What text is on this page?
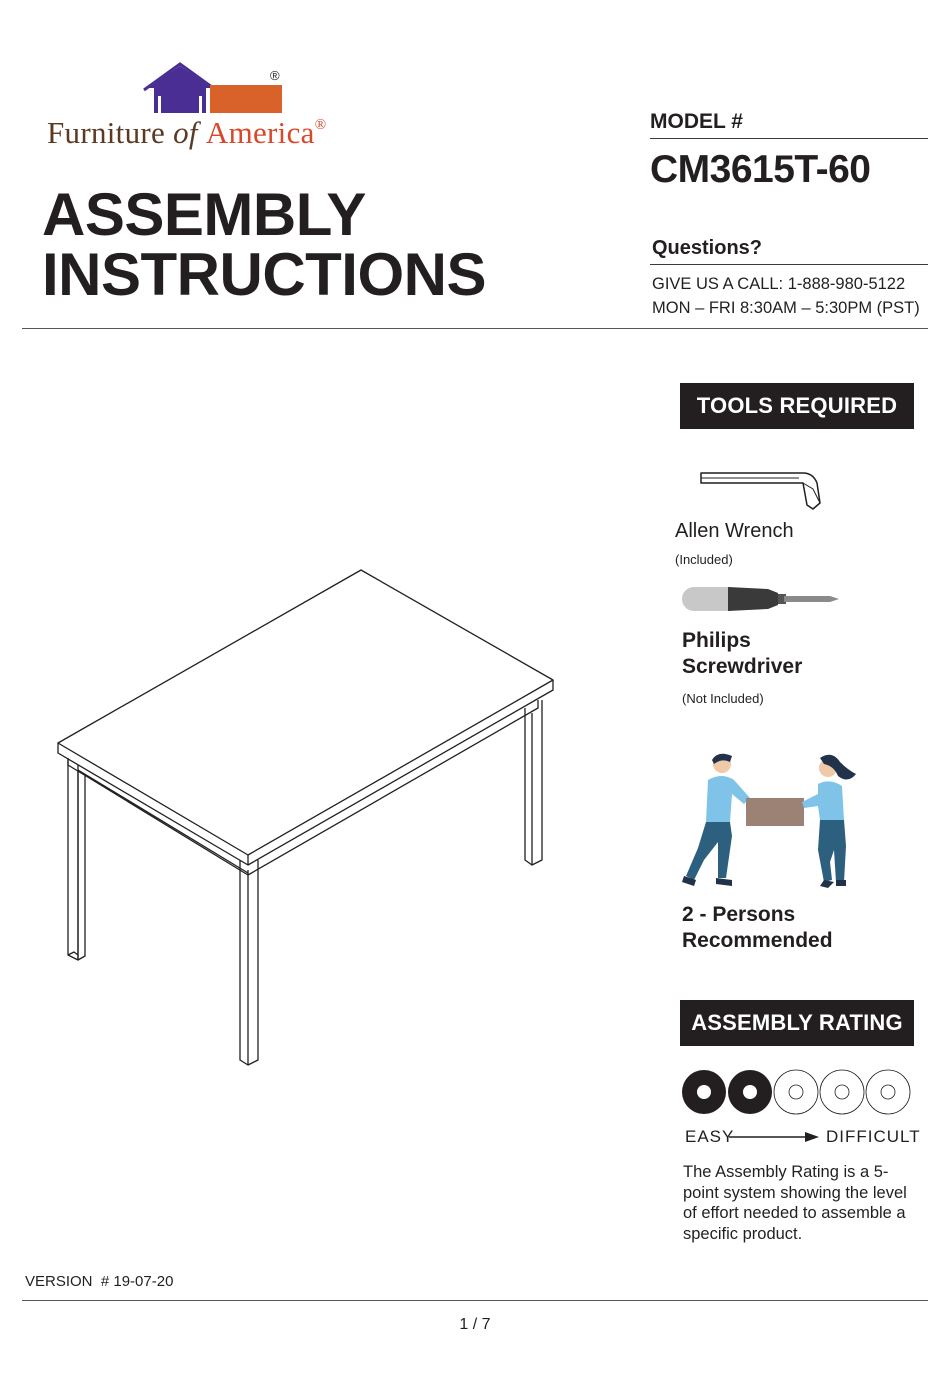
®
Furniture of America®
ASSEMBLY
INSTRUCTIONS
MODEL #
CM3615T-60
Questions?
GIVE US A CALL: 1-888-980-5122
MON – FRI 8:30AM – 5:30PM (PST)
TOOLS REQUIRED
Allen Wrench
(Included)
Philips
Screwdriver
(Not Included)
2 - Persons
Recommended
ASSEMBLY RATING
EASY	DIFFICULT
The Assembly Rating is a 5-point system showing the level of effort needed to assemble a specific product.
VERSION # 19-07-20
1 / 7
